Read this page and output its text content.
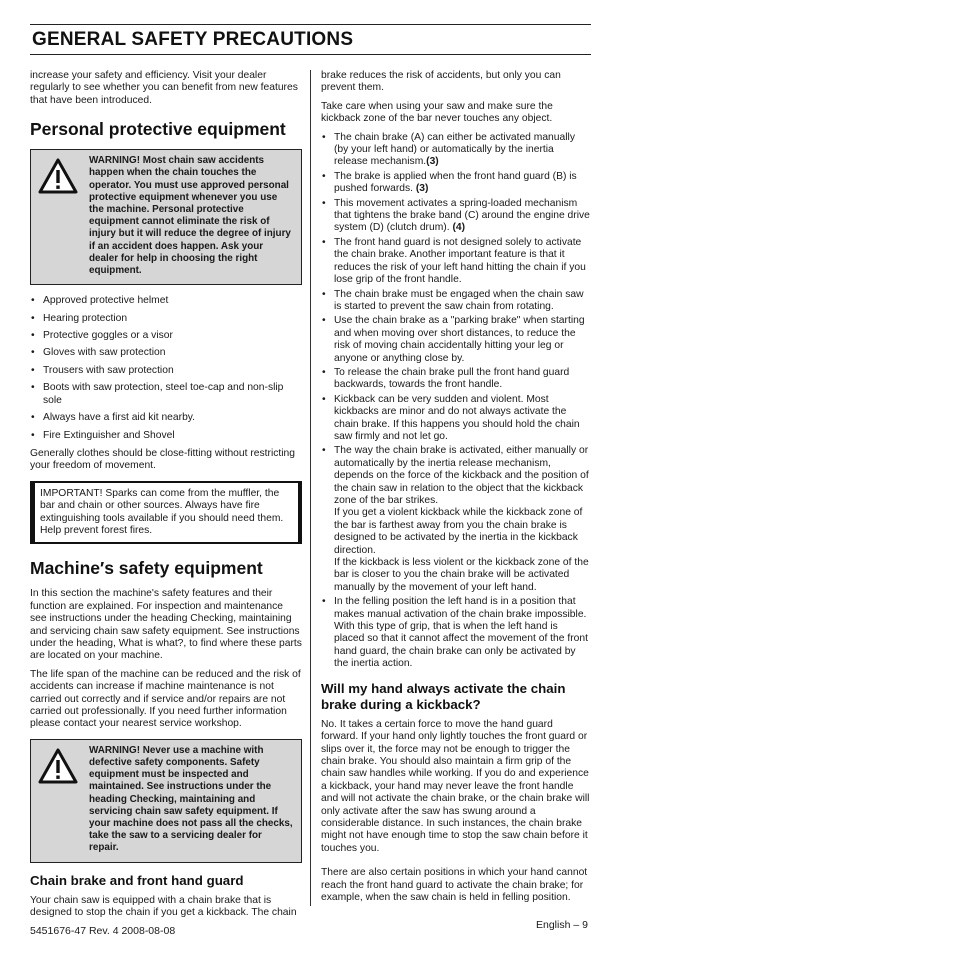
GENERAL SAFETY PRECAUTIONS

increase your safety and efficiency. Visit your dealer regularly to see whether you can benefit from new features that have been introduced.

Personal protective equipment
WARNING! Most chain saw accidents happen when the chain touches the operator. You must use approved personal protective equipment whenever you use the machine. Personal protective equipment cannot eliminate the risk of injury but it will reduce the degree of injury if an accident does happen. Ask your dealer for help in choosing the right equipment.
• Approved protective helmet
• Hearing protection
• Protective goggles or a visor
• Gloves with saw protection
• Trousers with saw protection
• Boots with saw protection, steel toe-cap and non-slip sole
• Always have a first aid kit nearby.
• Fire Extinguisher and Shovel

Generally clothes should be close-fitting without restricting your freedom of movement.

IMPORTANT! Sparks can come from the muffler, the bar and chain or other sources. Always have fire extinguishing tools available if you should need them. Help prevent forest fires.
Machine′s safety equipment

In this section the machine's safety features and their function are explained. For inspection and maintenance see instructions under the heading Checking, maintaining and servicing chain saw safety equipment. See instructions under the heading, What is what?, to find where these parts are located on your machine.

The life span of the machine can be reduced and the risk of accidents can increase if machine maintenance is not carried out correctly and if service and/or repairs are not carried out professionally. If you need further information please contact your nearest service workshop.

WARNING! Never use a machine with defective safety components. Safety equipment must be inspected and maintained. See instructions under the heading Checking, maintaining and servicing chain saw safety equipment. If your machine does not pass all the checks, take the saw to a servicing dealer for repair.
Chain brake and front hand guard

Your chain saw is equipped with a chain brake that is designed to stop the chain if you get a kickback. The chain

brake reduces the risk of accidents, but only you can prevent them.

Take care when using your saw and make sure the kickback zone of the bar never touches any object.

• The chain brake (A) can either be activated manually (by your left hand) or automatically by the inertia release mechanism.(3)
• The brake is applied when the front hand guard (B) is pushed forwards. (3)
• This movement activates a spring-loaded mechanism that tightens the brake band (C) around the engine drive system (D) (clutch drum). (4)
• The front hand guard is not designed solely to activate the chain brake. Another important feature is that it reduces the risk of your left hand hitting the chain if you lose grip of the front handle.
• The chain brake must be engaged when the chain saw is started to prevent the saw chain from rotating.
• Use the chain brake as a "parking brake" when starting and when moving over short distances, to reduce the risk of moving chain accidentally hitting your leg or anyone or anything close by.
• To release the chain brake pull the front hand guard backwards, towards the front handle.
• Kickback can be very sudden and violent. Most kickbacks are minor and do not always activate the chain brake. If this happens you should hold the chain saw firmly and not let go.
• The way the chain brake is activated, either manually or automatically by the inertia release mechanism, depends on the force of the kickback and the position of the chain saw in relation to the object that the kickback zone of the bar strikes.
If you get a violent kickback while the kickback zone of the bar is farthest away from you the chain brake is designed to be activated by the inertia in the kickback direction.
If the kickback is less violent or the kickback zone of the bar is closer to you the chain brake will be activated manually by the movement of your left hand.
• In the felling position the left hand is in a position that makes manual activation of the chain brake impossible. With this type of grip, that is when the left hand is placed so that it cannot affect the movement of the front hand guard, the chain brake can only be activated by the inertia action.
Will my hand always activate the chain brake during a kickback?

No. It takes a certain force to move the hand guard forward. If your hand only lightly touches the front guard or slips over it, the force may not be enough to trigger the chain brake. You should also maintain a firm grip of the chain saw handles while working. If you do and experience a kickback, your hand may never leave the front handle and will not activate the chain brake, or the chain brake will only activate after the saw has swung around a considerable distance. In such instances, the chain brake might not have enough time to stop the saw chain before it touches you.

There are also certain positions in which your hand cannot reach the front hand guard to activate the chain brake; for example, when the saw chain is held in felling position.

5451676-47 Rev. 4 2008-08-08	English – 9
